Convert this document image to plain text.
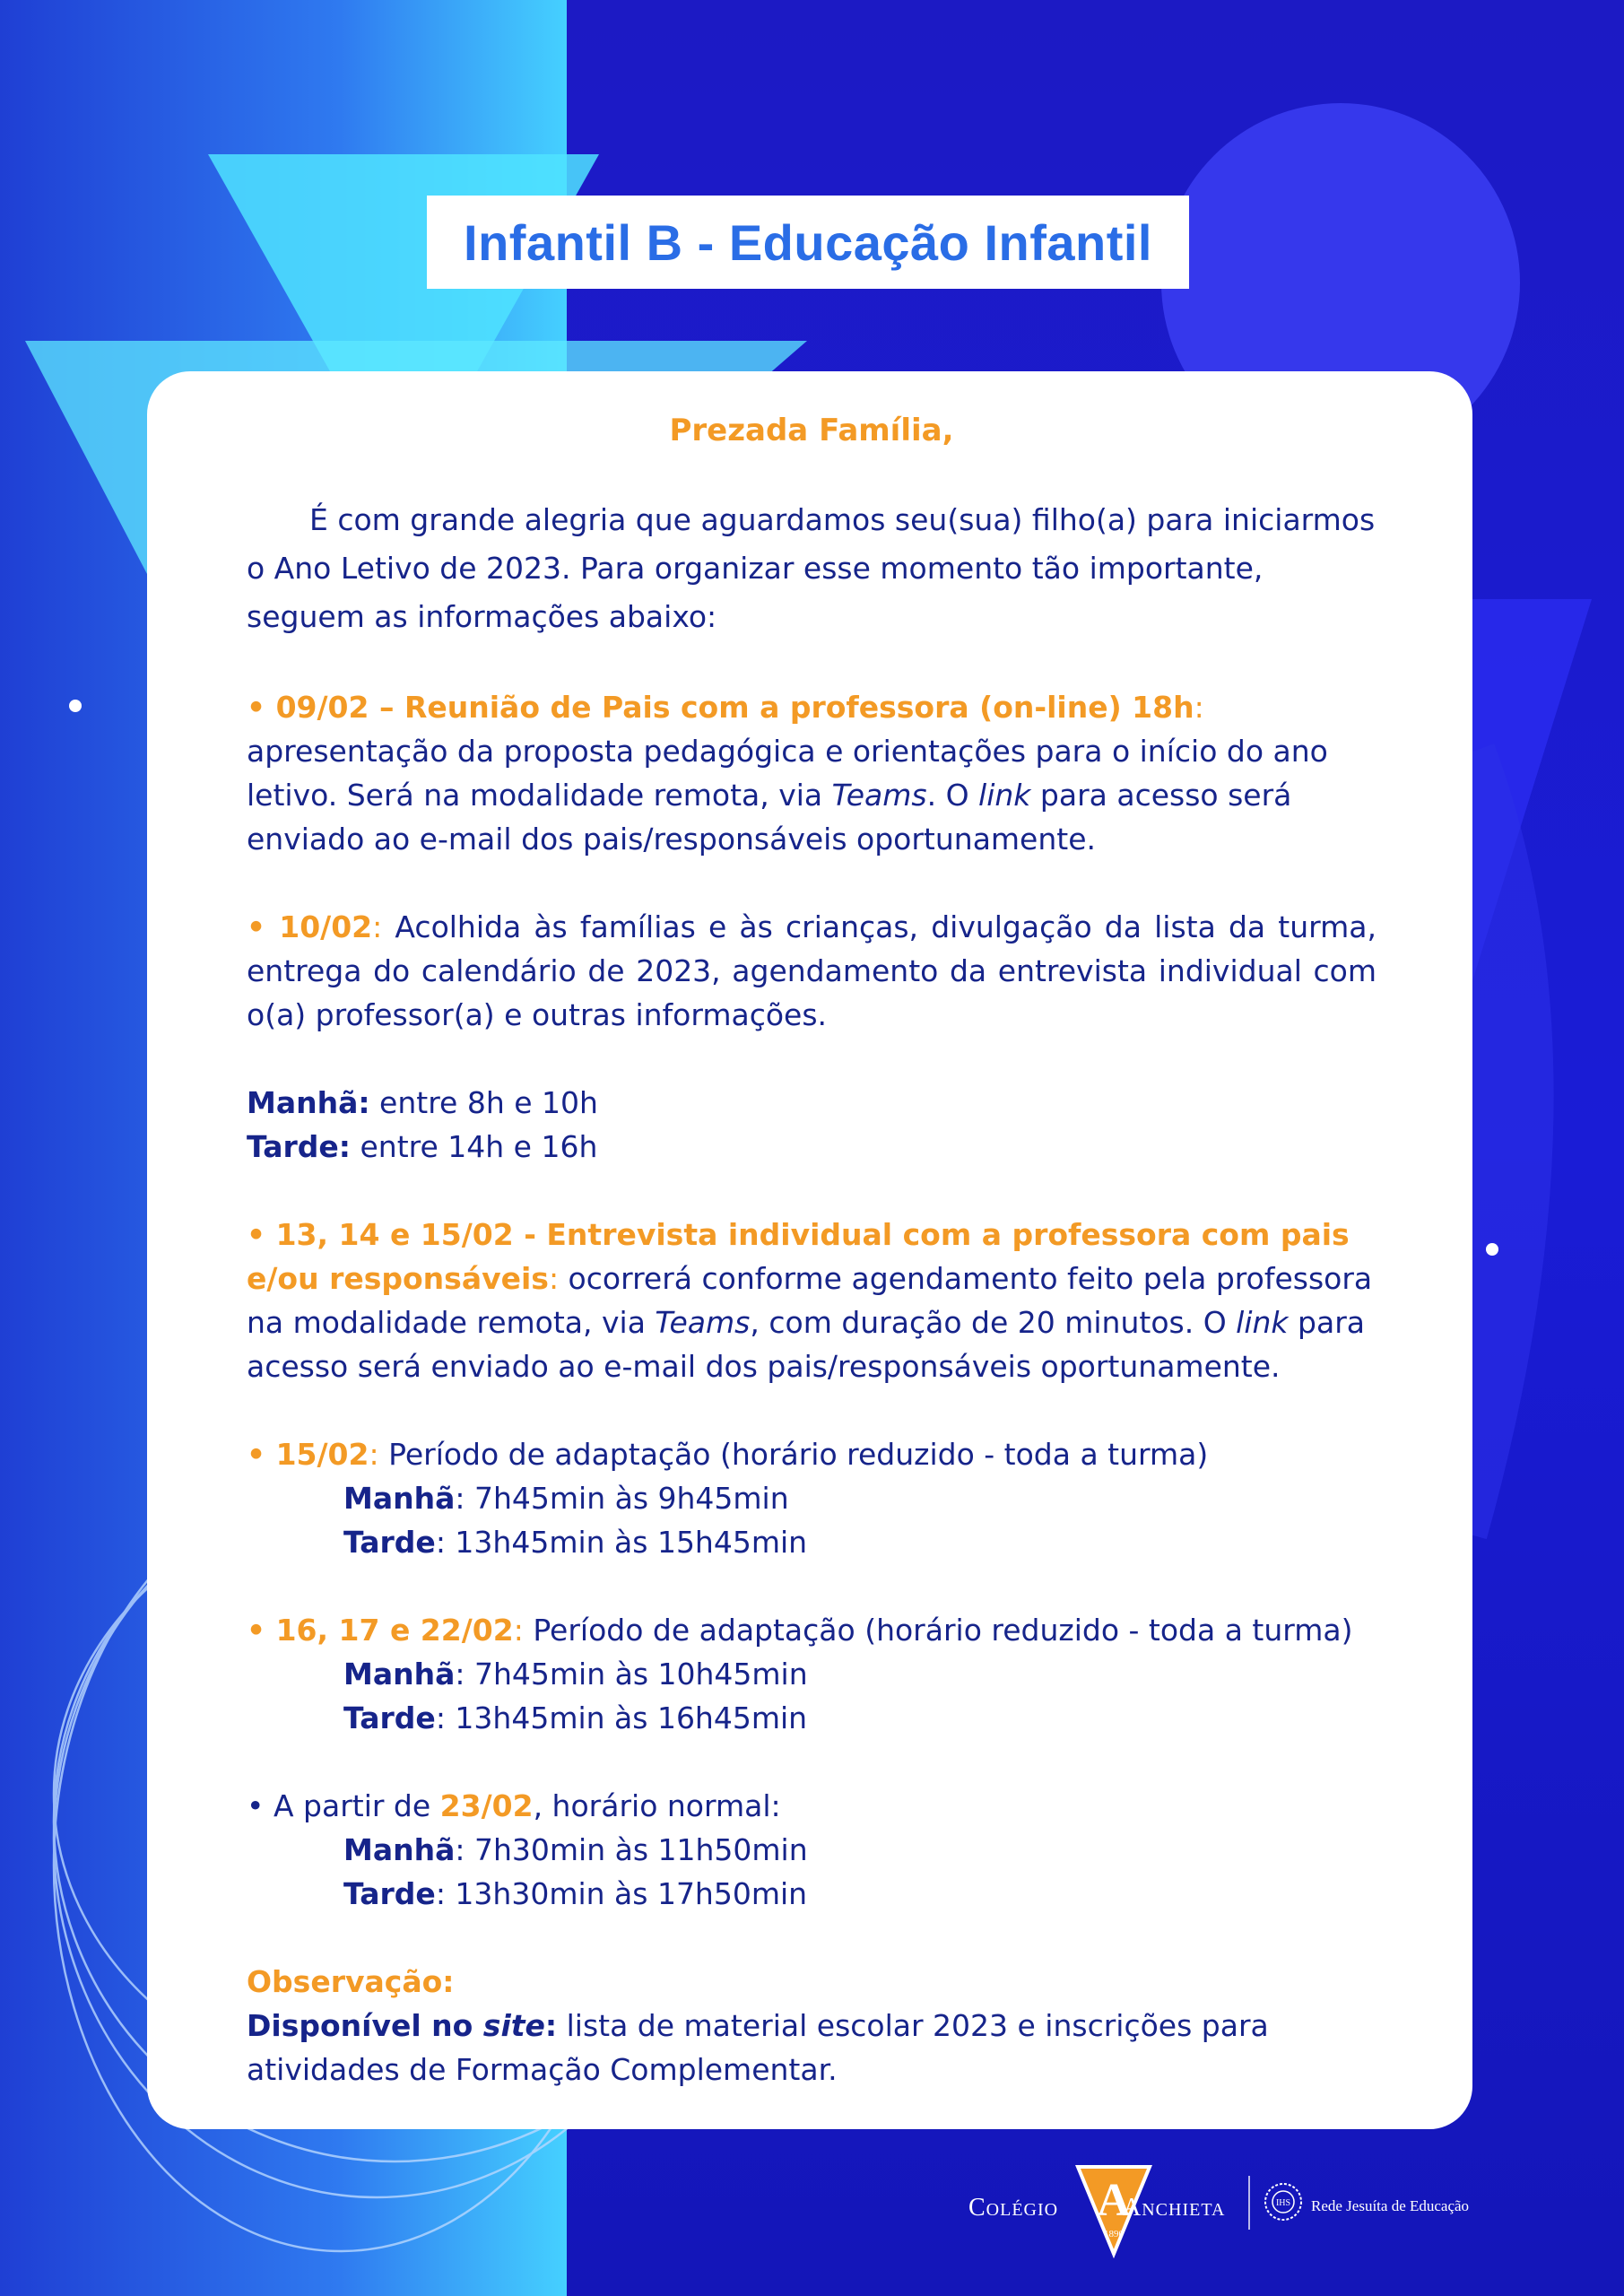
Infantil B - Educação Infantil

Prezada Família,

É com grande alegria que aguardamos seu(sua) filho(a) para iniciarmos o Ano Letivo de 2023. Para organizar esse momento tão importante, seguem as informações abaixo:

• 09/02 – Reunião de Pais com a professora (on-line) 18h: apresentação da proposta pedagógica e orientações para o início do ano letivo. Será na modalidade remota, via Teams. O link para acesso será enviado ao e-mail dos pais/responsáveis oportunamente.

• 10/02: Acolhida às famílias e às crianças, divulgação da lista da turma, entrega do calendário de 2023, agendamento da entrevista individual com o(a) professor(a) e outras informações.

Manhã: entre 8h e 10h

Tarde: entre 14h e 16h

• 13, 14 e 15/02 - Entrevista individual com a professora com pais e/ou responsáveis: ocorrerá conforme agendamento feito pela professora na modalidade remota, via Teams, com duração de 20 minutos. O link para acesso será enviado ao e-mail dos pais/responsáveis oportunamente.

• 15/02: Período de adaptação (horário reduzido - toda a turma)

Manhã: 7h45min às 9h45min

Tarde: 13h45min às 15h45min

• 16, 17 e 22/02: Período de adaptação (horário reduzido - toda a turma)

Manhã: 7h45min às 10h45min

Tarde: 13h45min às 16h45min

• A partir de 23/02, horário normal:

Manhã: 7h30min às 11h50min

Tarde: 13h30min às 17h50min

Observação:

Disponível no site: lista de material escolar 2023 e inscrições para atividades de Formação Complementar.

Colégio A
1890
Anchieta	IHS Rede Jesuíta de Educação
